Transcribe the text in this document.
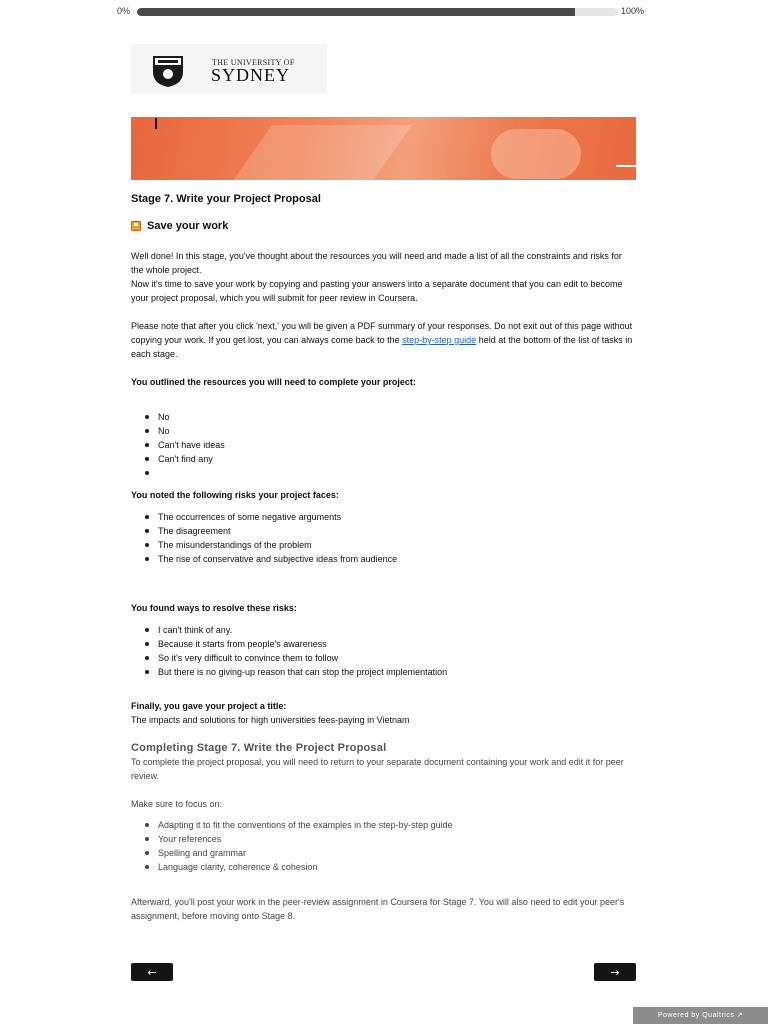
0%	100%
THE UNIVERSITY OF
SYDNEY
Stage 7. Write your Project Proposal
Save your work

Well done! In this stage, you've thought about the resources you will need and made a list of all the constraints and risks for the whole project.

Now it's time to save your work by copying and pasting your answers into a separate document that you can edit to become your project proposal, which you will submit for peer review in Coursera.

Please note that after you click 'next,' you will be given a PDF summary of your responses. Do not exit out of this page without copying your work. If you get lost, you can always come back to the step-by-step guide held at the bottom of the list of tasks in each stage.

You outlined the resources you will need to complete your project:

No
No
Can't have ideas
Can't find any

You noted the following risks your project faces:

The occurrences of some negative arguments
The disagreement
The misunderstandings of the problem
The rise of conservative and subjective ideas from audience

You found ways to resolve these risks:

I can't think of any.
Because it starts from people's awareness
So it's very difficult to convince them to follow
But there is no giving-up reason that can stop the project implementation

Finally, you gave your project a title:

The impacts and solutions for high universities fees-paying in Vietnam

Completing Stage 7. Write the Project Proposal

To complete the project proposal, you will need to return to your separate document containing your work and edit it for peer review.

Make sure to focus on:

Adapting it to fit the conventions of the examples in the step-by-step guide
Your references
Spelling and grammar
Language clarity, coherence & cohesion

Afterward, you'll post your work in the peer-review assignment in Coursera for Stage 7. You will also need to edit your peer's assignment, before moving onto Stage 8.

←	→
Powered by Qualtrics ↗
